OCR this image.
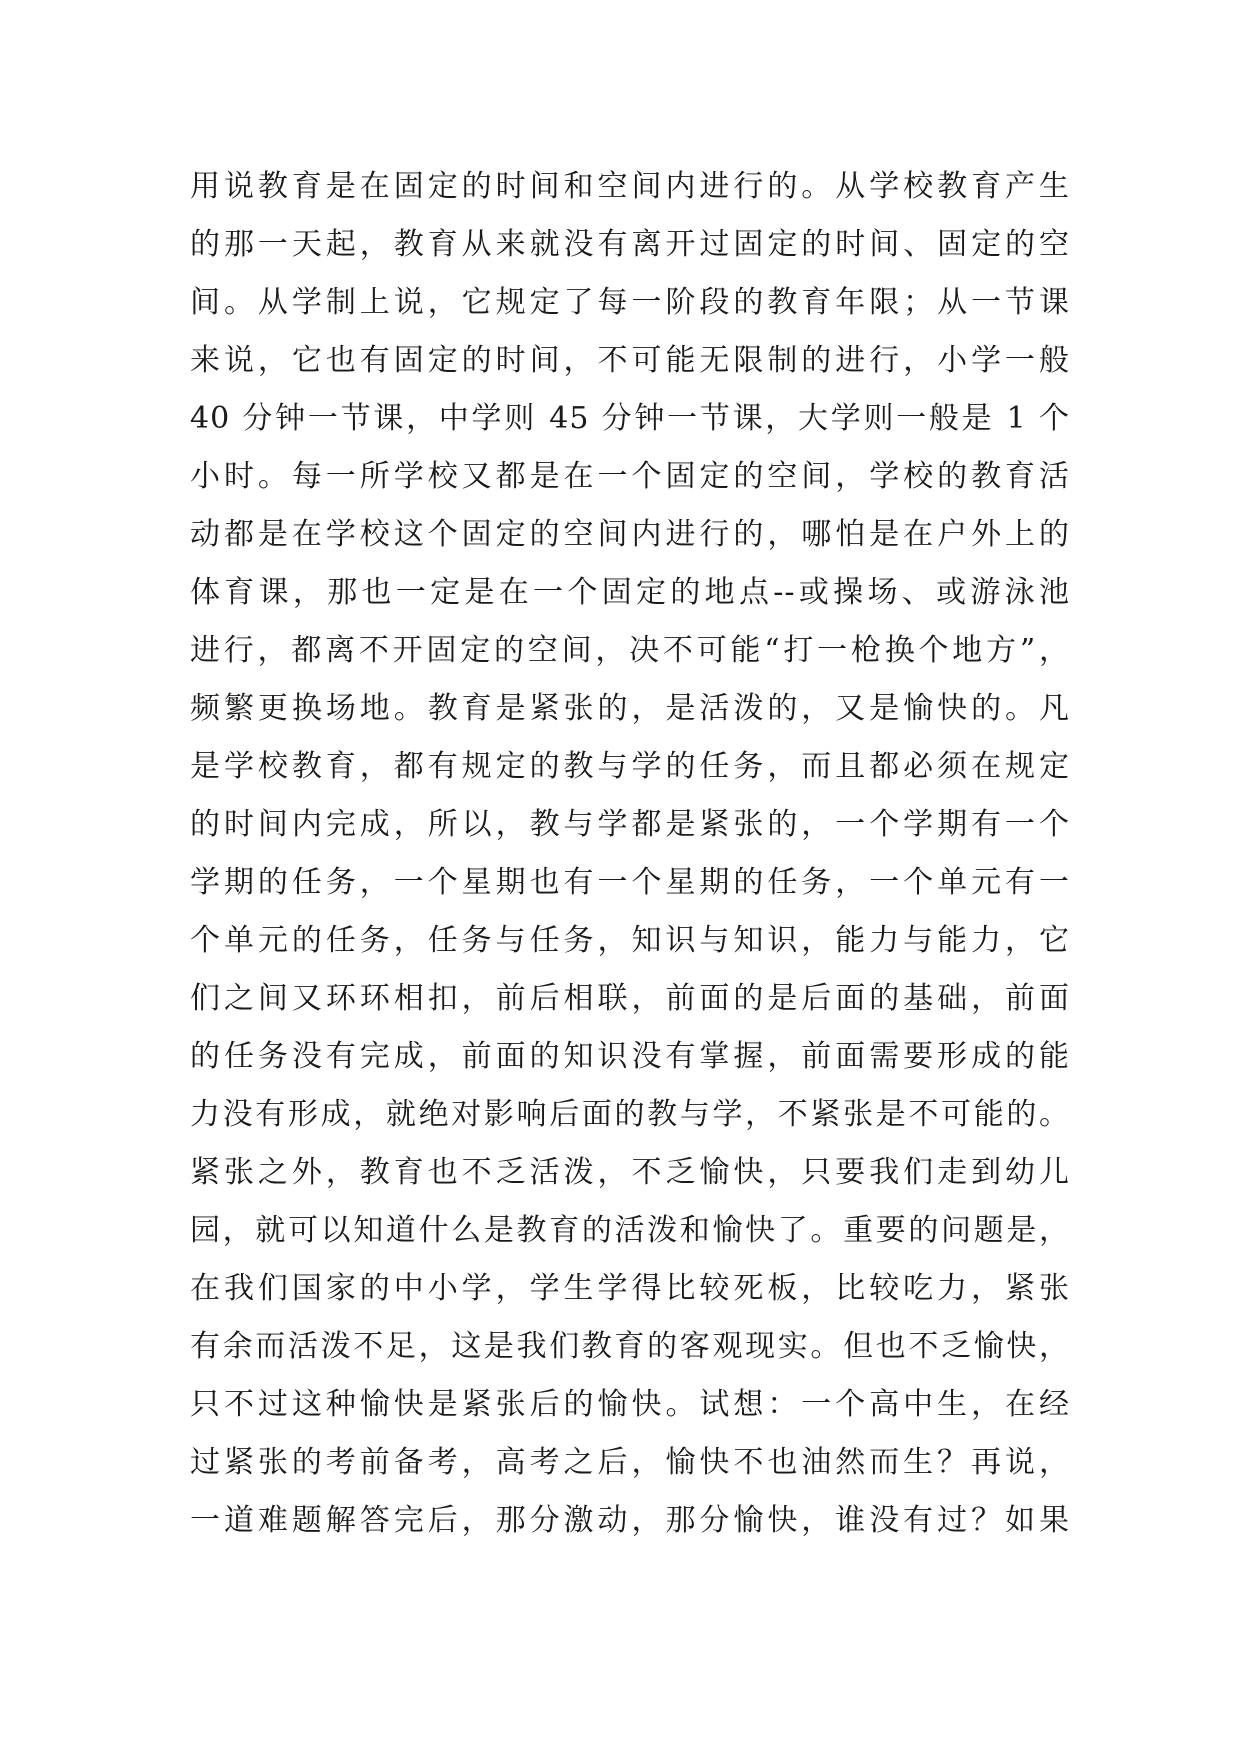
用说教育是在固定的时间和空间内进行的。从学校教育产生
的那一天起，教育从来就没有离开过固定的时间、固定的空
间。从学制上说，它规定了每一阶段的教育年限；从一节课
来说，它也有固定的时间，不可能无限制的进行，小学一般
40 分钟一节课，中学则 45 分钟一节课，大学则一般是 1 个
小时。每一所学校又都是在一个固定的空间，学校的教育活
动都是在学校这个固定的空间内进行的，哪怕是在户外上的
体育课，那也一定是在一个固定的地点--或操场、或游泳池
进行，都离不开固定的空间，决不可能“打一枪换个地方”，
频繁更换场地。教育是紧张的，是活泼的，又是愉快的。凡
是学校教育，都有规定的教与学的任务，而且都必须在规定
的时间内完成，所以，教与学都是紧张的，一个学期有一个
学期的任务，一个星期也有一个星期的任务，一个单元有一
个单元的任务，任务与任务，知识与知识，能力与能力，它
们之间又环环相扣，前后相联，前面的是后面的基础，前面
的任务没有完成，前面的知识没有掌握，前面需要形成的能
力没有形成，就绝对影响后面的教与学，不紧张是不可能的。
紧张之外，教育也不乏活泼，不乏愉快，只要我们走到幼儿
园，就可以知道什么是教育的活泼和愉快了。重要的问题是，
在我们国家的中小学，学生学得比较死板，比较吃力，紧张
有余而活泼不足，这是我们教育的客观现实。但也不乏愉快，
只不过这种愉快是紧张后的愉快。试想：一个高中生，在经
过紧张的考前备考，高考之后，愉快不也油然而生？再说，
一道难题解答完后，那分激动，那分愉快，谁没有过？如果
